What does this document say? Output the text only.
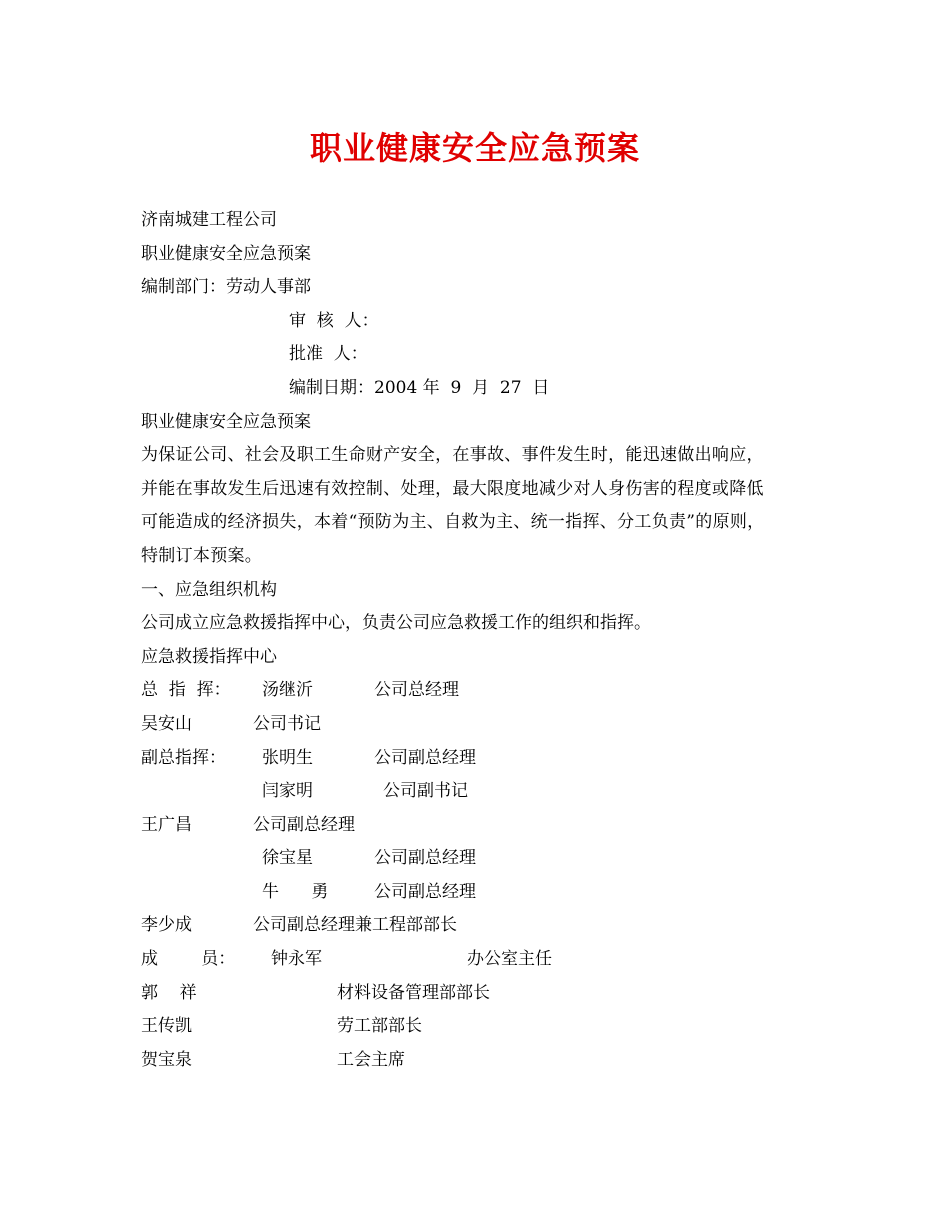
职业健康安全应急预案
济南城建工程公司
职业健康安全应急预案
编制部门：劳动人事部
审  核  人：
批准  人：
编制日期：2004 年  9  月  27  日
职业健康安全应急预案
为保证公司、社会及职工生命财产安全，在事故、事件发生时，能迅速做出响应，
并能在事故发生后迅速有效控制、处理，最大限度地减少对人身伤害的程度或降低
可能造成的经济损失，本着“预防为主、自救为主、统一指挥、分工负责”的原则，
特制订本预案。
一、应急组织机构
公司成立应急救援指挥中心，负责公司应急救援工作的组织和指挥。
应急救援指挥中心
总  指  挥： 汤继沂	公司总经理
吴安山	公司书记
副总指挥： 张明生	公司副总经理
闫家明	公司副书记
王广昌	公司副总经理
徐宝星	公司副总经理
牛      勇	公司副总经理
李少成	公司副总经理兼工程部部长
成        员： 钟永军	办公室主任
郭    祥	材料设备管理部部长
王传凯	劳工部部长
贺宝泉	工会主席
